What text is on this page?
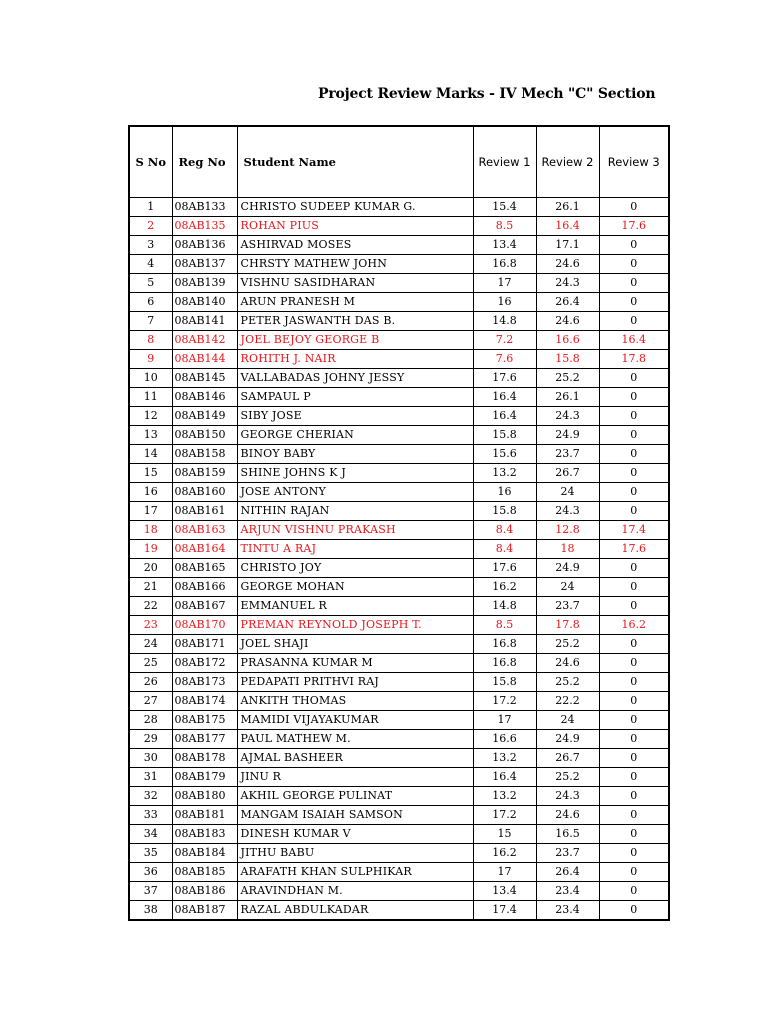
Project Review Marks - IV Mech "C" Section
S No	Reg No	Student Name	Review 1	Review 2	Review 3
1	08AB133	CHRISTO SUDEEP KUMAR G.	15.4	26.1	0
2	08AB135	ROHAN PIUS	8.5	16.4	17.6
3	08AB136	ASHIRVAD MOSES	13.4	17.1	0
4	08AB137	CHRSTY MATHEW JOHN	16.8	24.6	0
5	08AB139	VISHNU SASIDHARAN	17	24.3	0
6	08AB140	ARUN PRANESH M	16	26.4	0
7	08AB141	PETER JASWANTH DAS B.	14.8	24.6	0
8	08AB142	JOEL BEJOY GEORGE B	7.2	16.6	16.4
9	08AB144	ROHITH J. NAIR	7.6	15.8	17.8
10	08AB145	VALLABADAS JOHNY JESSY	17.6	25.2	0
11	08AB146	SAMPAUL P	16.4	26.1	0
12	08AB149	SIBY JOSE	16.4	24.3	0
13	08AB150	GEORGE CHERIAN	15.8	24.9	0
14	08AB158	BINOY BABY	15.6	23.7	0
15	08AB159	SHINE JOHNS K J	13.2	26.7	0
16	08AB160	JOSE ANTONY	16	24	0
17	08AB161	NITHIN RAJAN	15.8	24.3	0
18	08AB163	ARJUN VISHNU PRAKASH	8.4	12.8	17.4
19	08AB164	TINTU A RAJ	8.4	18	17.6
20	08AB165	CHRISTO JOY	17.6	24.9	0
21	08AB166	GEORGE MOHAN	16.2	24	0
22	08AB167	EMMANUEL R	14.8	23.7	0
23	08AB170	PREMAN REYNOLD JOSEPH T.	8.5	17.8	16.2
24	08AB171	JOEL SHAJI	16.8	25.2	0
25	08AB172	PRASANNA KUMAR M	16.8	24.6	0
26	08AB173	PEDAPATI PRITHVI RAJ	15.8	25.2	0
27	08AB174	ANKITH THOMAS	17.2	22.2	0
28	08AB175	MAMIDI VIJAYAKUMAR	17	24	0
29	08AB177	PAUL MATHEW M.	16.6	24.9	0
30	08AB178	AJMAL BASHEER	13.2	26.7	0
31	08AB179	JINU R	16.4	25.2	0
32	08AB180	AKHIL GEORGE PULINAT	13.2	24.3	0
33	08AB181	MANGAM ISAIAH SAMSON	17.2	24.6	0
34	08AB183	DINESH KUMAR V	15	16.5	0
35	08AB184	JITHU BABU	16.2	23.7	0
36	08AB185	ARAFATH KHAN SULPHIKAR	17	26.4	0
37	08AB186	ARAVINDHAN M.	13.4	23.4	0
38	08AB187	RAZAL ABDULKADAR	17.4	23.4	0
